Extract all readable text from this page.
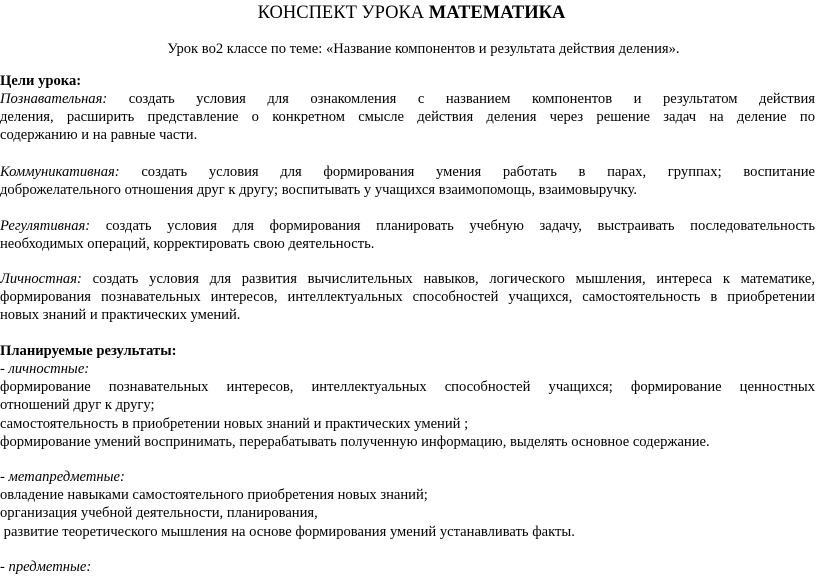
КОНСПЕКТ УРОКА МАТЕМАТИКА
Урок во2 классе по теме: «Название компонентов и результата действия деления».
Цели урока:
Познавательная: создать условия для ознакомления с названием компонентов и результатом действия
деления, расширить представление о конкретном смысле действия деления через решение задач на деление по
содержанию и на равные части.
Коммуникативная: создать условия для формирования умения работать в парах, группах; воспитание
доброжелательного отношения друг к другу; воспитывать у учащихся взаимопомощь, взаимовыручку.
Регулятивная: создать условия для формирования планировать учебную задачу, выстраивать последовательность
необходимых операций, корректировать свою деятельность.
Личностная: создать условия для развития вычислительных навыков, логического мышления, интереса к математике,
формирования познавательных интересов, интеллектуальных способностей учащихся, самостоятельность в приобретении
новых знаний и практических умений.
Планируемые результаты:
- личностные:
формирование познавательных интересов, интеллектуальных способностей учащихся; формирование ценностных
отношений друг к другу;
самостоятельность в приобретении новых знаний и практических умений ;
формирование умений воспринимать, перерабатывать полученную информацию, выделять основное содержание.
- метапредметные:
овладение навыками самостоятельного приобретения новых знаний;
организация учебной деятельности, планирования,
развитие теоретического мышления на основе формирования умений устанавливать факты.
- предметные:
